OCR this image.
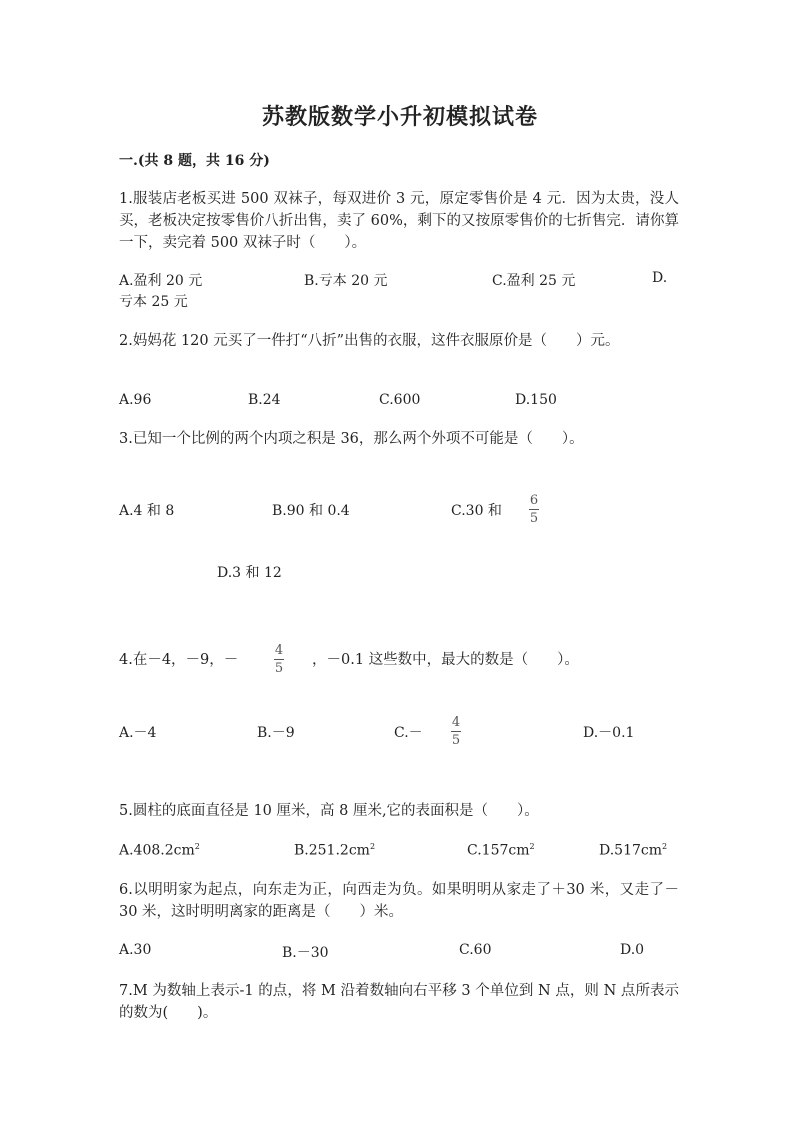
苏教版数学小升初模拟试卷
一.(共 8 题，共 16 分)
1.服装店老板买进 500 双袜子，每双进价 3 元，原定零售价是 4 元．因为太贵，没人买，老板决定按零售价八折出售，卖了 60%，剩下的又按原零售价的七折售完．请你算一下，卖完着 500 双袜子时（　　）。
A.盈利 20 元	B.亏本 20 元	C.盈利 25 元	D.
亏本 25 元
2.妈妈花 120 元买了一件打“八折”出售的衣服，这件衣服原价是（　　）元。
A.96	B.24	C.600	D.150
3.已知一个比例的两个内项之积是 36，那么两个外项不可能是（　　）。
A.4 和 8	B.90 和 0.4	C.30 和
6
5
D.3 和 12
4.在－4，－9，－
4
5
，－0.1 这些数中，最大的数是（　　）。
A.－4	B.－9	C.－
4
5	D.－0.1
5.圆柱的底面直径是 10 厘米，高 8 厘米,它的表面积是（　　）。
$A.408.2cm^2$	$B.251.2cm^2$	$C.157cm^2$	$D.517cm^2$
6.以明明家为起点，向东走为正，向西走为负。如果明明从家走了＋30 米，又走了－30 米，这时明明离家的距离是（　　）米。
A.30	B.－30	C.60	D.0
7.M 为数轴上表示-1 的点，将 M 沿着数轴向右平移 3 个单位到 N 点，则 N 点所表示的数为(　　)。
